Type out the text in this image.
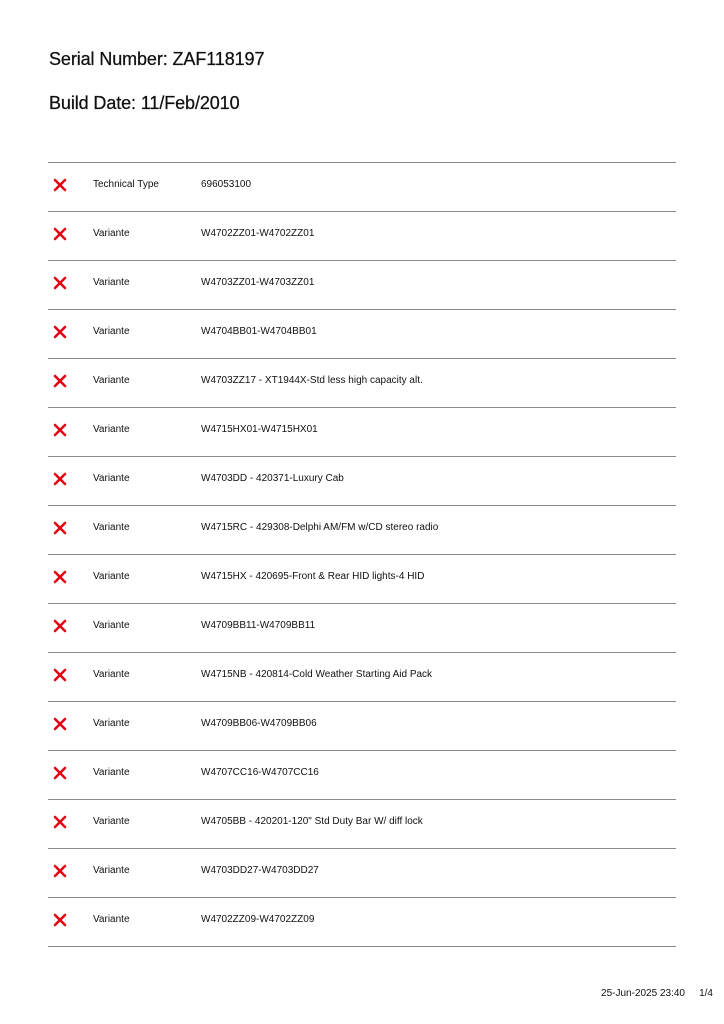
Serial Number: ZAF118197
Build Date: 11/Feb/2010
Technical Type	696053100
Variante	W4702ZZ01-W4702ZZ01
Variante	W4703ZZ01-W4703ZZ01
Variante	W4704BB01-W4704BB01
Variante	W4703ZZ17 - XT1944X-Std less high capacity alt.
Variante	W4715HX01-W4715HX01
Variante	W4703DD - 420371-Luxury Cab
Variante	W4715RC - 429308-Delphi AM/FM w/CD stereo radio
Variante	W4715HX - 420695-Front & Rear HID lights-4 HID
Variante	W4709BB11-W4709BB11
Variante	W4715NB - 420814-Cold Weather Starting Aid Pack
Variante	W4709BB06-W4709BB06
Variante	W4707CC16-W4707CC16
Variante	W4705BB - 420201-120" Std Duty Bar W/ diff lock
Variante	W4703DD27-W4703DD27
Variante	W4702ZZ09-W4702ZZ09
25-Jun-2025 23:40 1/4
